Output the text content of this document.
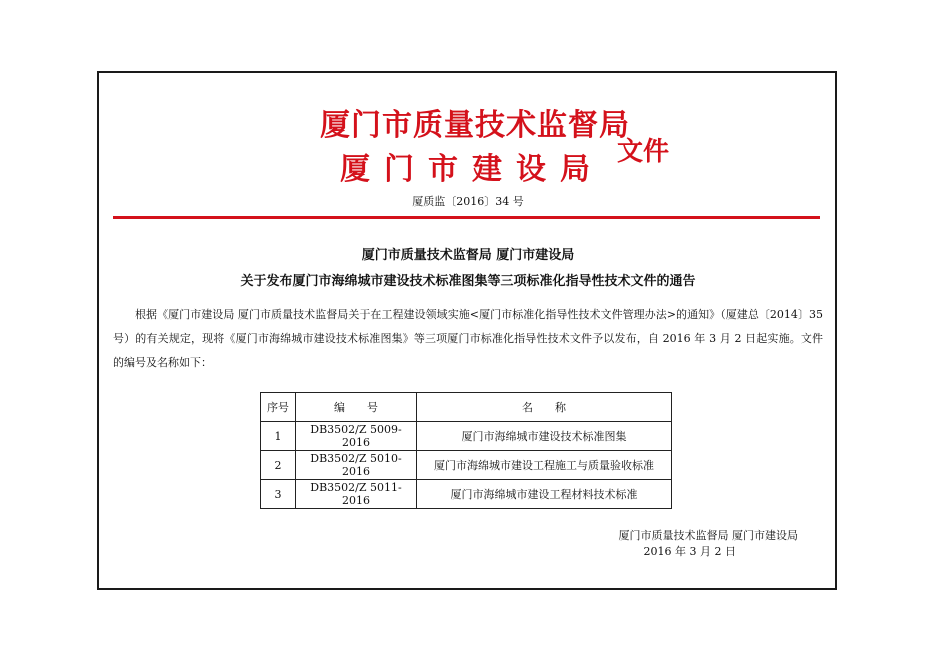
厦门市质量技术监督局
厦门市建设局 文件
厦质监〔2016〕34 号
厦门市质量技术监督局 厦门市建设局
关于发布厦门市海绵城市建设技术标准图集等三项标准化指导性技术文件的通告
根据《厦门市建设局 厦门市质量技术监督局关于在工程建设领域实施<厦门市标准化指导性技术文件管理办法>的通知》（厦建总〔2014〕35 号）的有关规定，现将《厦门市海绵城市建设技术标准图集》等三项厦门市标准化指导性技术文件予以发布，自 2016 年 3 月 2 日起实施。文件的编号及名称如下：
序号	编　　号	名　　称
1	DB3502/Z 5009-2016	厦门市海绵城市建设技术标准图集
2	DB3502/Z 5010-2016	厦门市海绵城市建设工程施工与质量验收标准
3	DB3502/Z 5011-2016	厦门市海绵城市建设工程材料技术标准
厦门市质量技术监督局 厦门市建设局
2016 年 3 月 2 日
